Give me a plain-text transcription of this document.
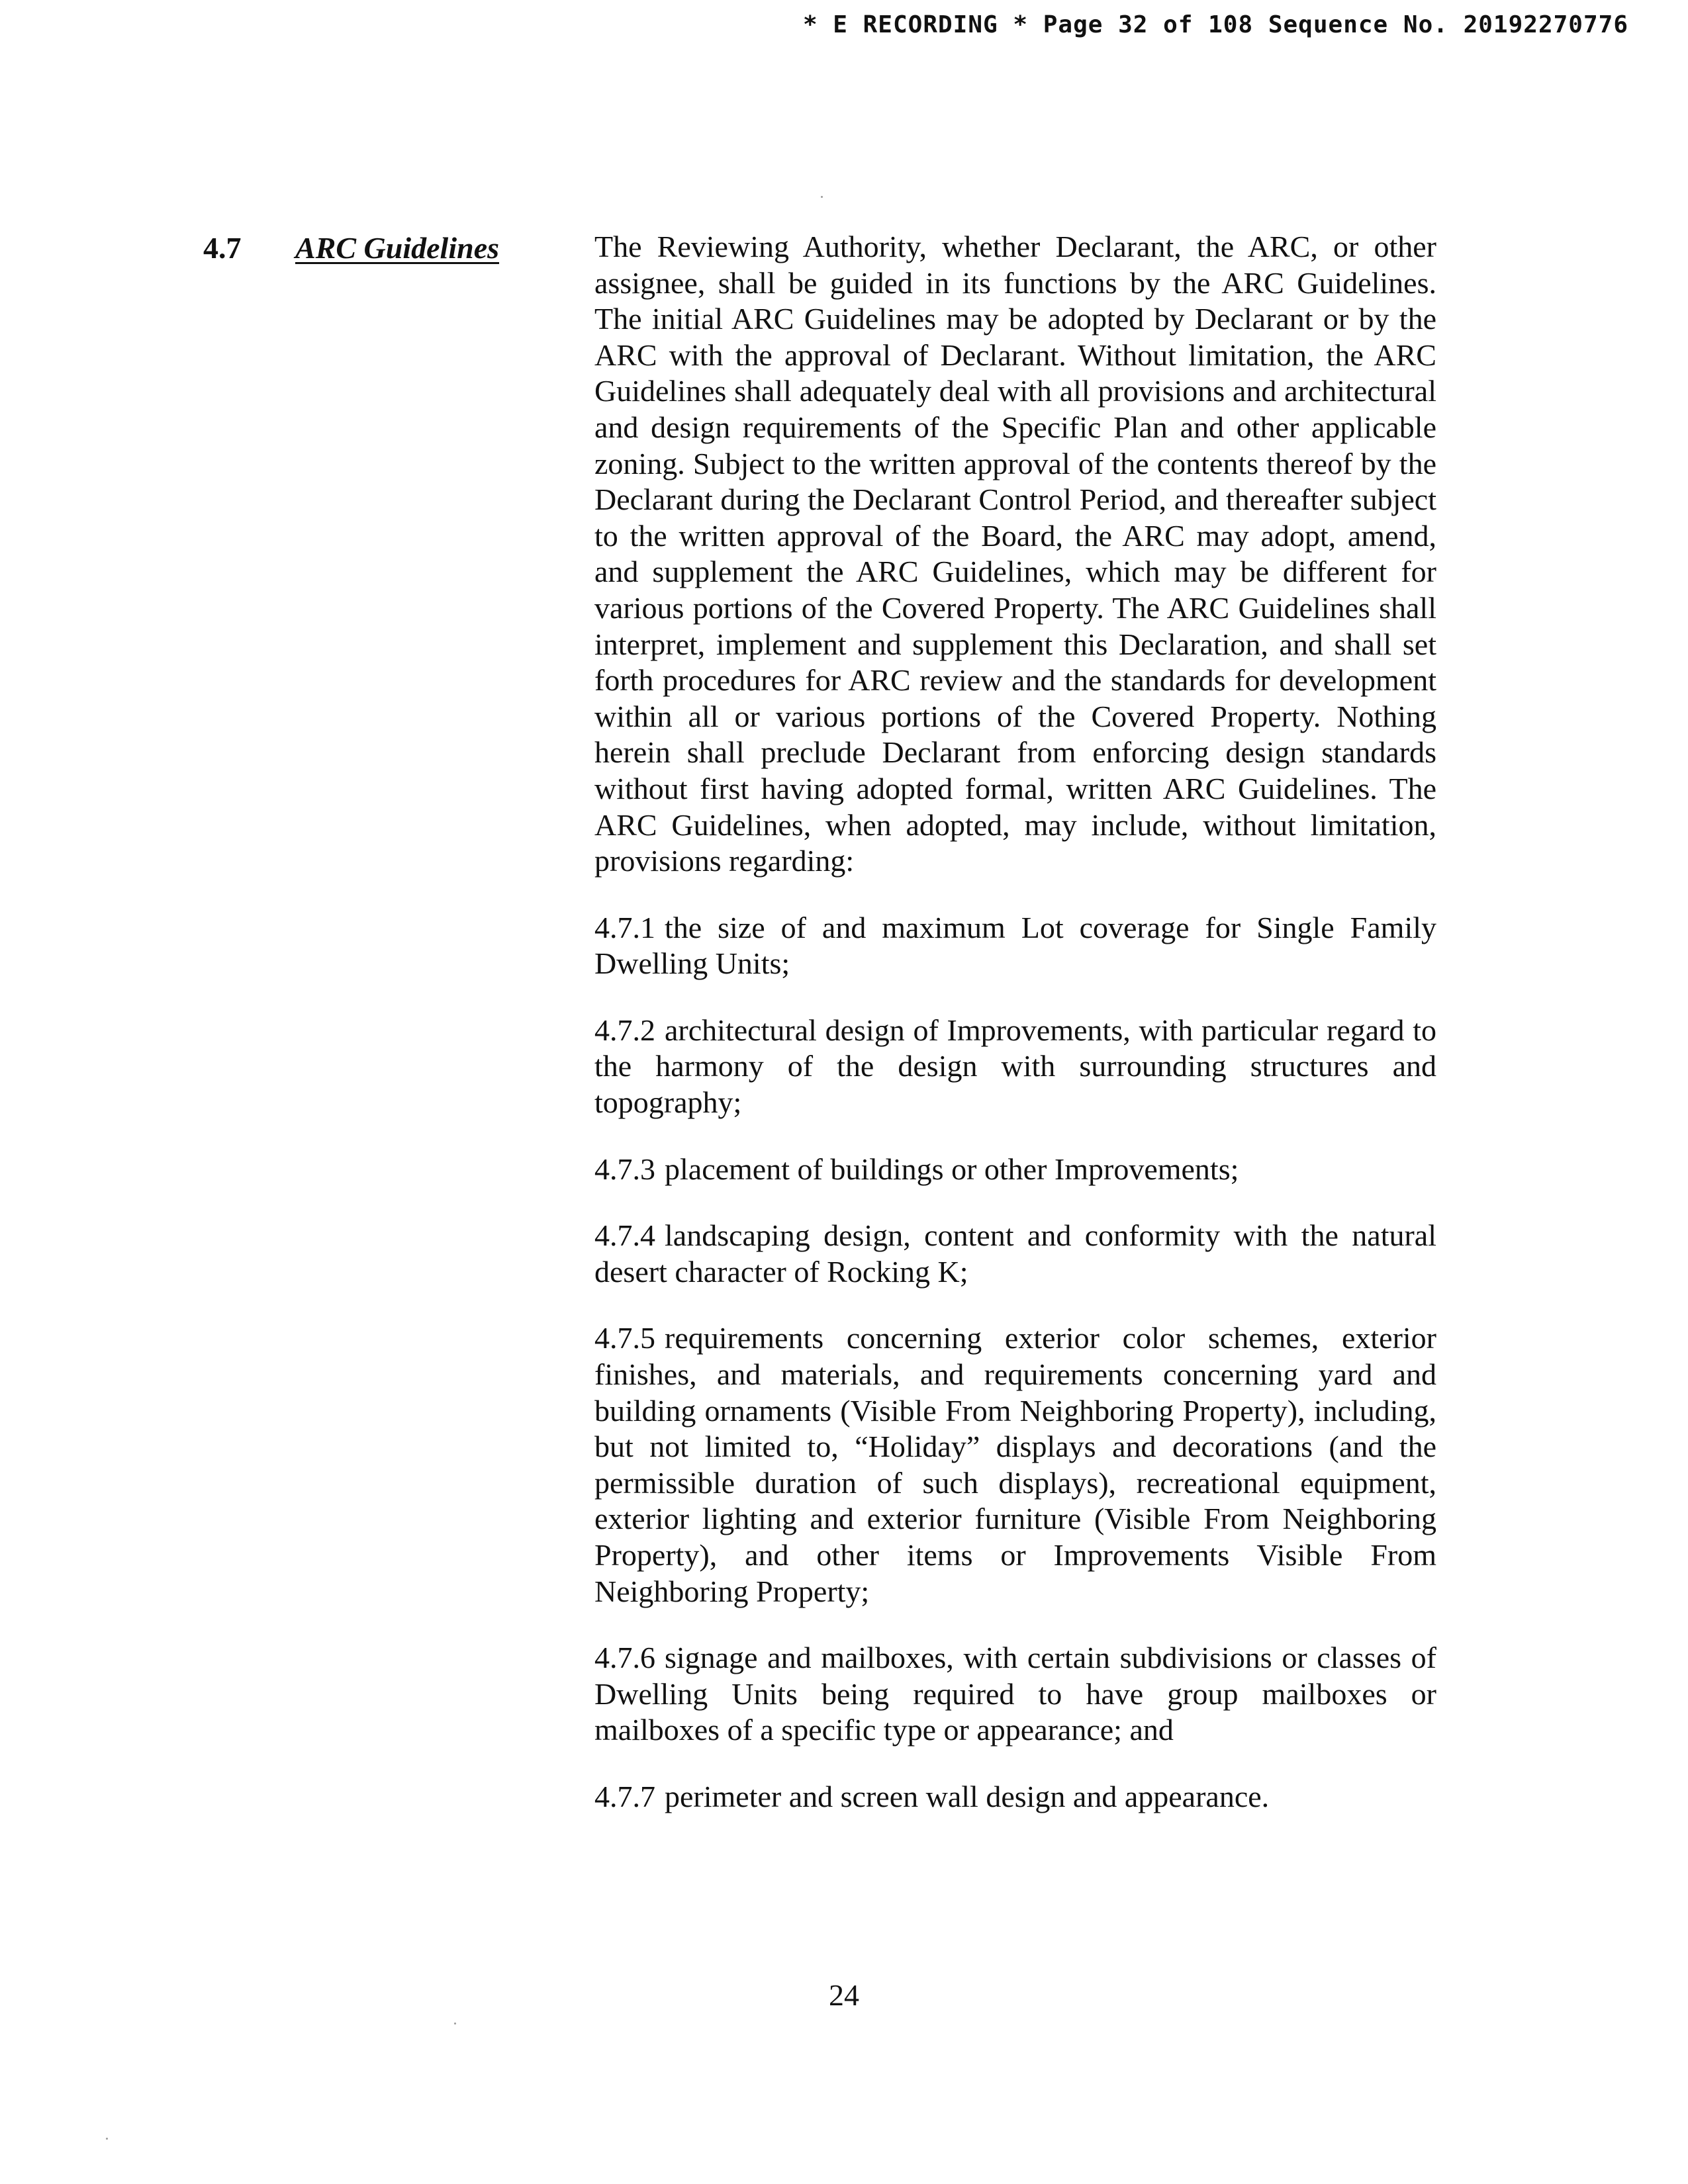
* E RECORDING * Page 32 of 108 Sequence No. 20192270776
4.7 ARC Guidelines	The Reviewing Authority, whether Declarant, the ARC, or other assignee, shall be guided in its functions by the ARC Guidelines. The initial ARC Guidelines may be adopted by Declarant or by the ARC with the approval of Declarant. Without limitation, the ARC Guidelines shall adequately deal with all provisions and architectural and design requirements of the Specific Plan and other applicable zoning. Subject to the written approval of the contents thereof by the Declarant during the Declarant Control Period, and thereafter subject to the written approval of the Board, the ARC may adopt, amend, and supplement the ARC Guidelines, which may be different for various portions of the Covered Property. The ARC Guidelines shall interpret, implement and supplement this Declaration, and shall set forth procedures for ARC review and the standards for development within all or various portions of the Covered Property. Nothing herein shall preclude Declarant from enforcing design standards without first having adopted formal, written ARC Guidelines. The ARC Guidelines, when adopted, may include, without limitation, provisions regarding:

4.7.1 the size of and maximum Lot coverage for Single Family Dwelling Units;

4.7.2 architectural design of Improvements, with particular regard to the harmony of the design with surrounding structures and topography;

4.7.3 placement of buildings or other Improvements;

4.7.4 landscaping design, content and conformity with the natural desert character of Rocking K;

4.7.5 requirements concerning exterior color schemes, exterior finishes, and materials, and requirements concerning yard and building ornaments (Visible From Neighboring Property), including, but not limited to, “Holiday” displays and decorations (and the permissible duration of such displays), recreational equipment, exterior lighting and exterior furniture (Visible From Neighboring Property), and other items or Improvements Visible From Neighboring Property;

4.7.6 signage and mailboxes, with certain subdivisions or classes of Dwelling Units being required to have group mailboxes or mailboxes of a specific type or appearance; and

4.7.7 perimeter and screen wall design and appearance.

24
